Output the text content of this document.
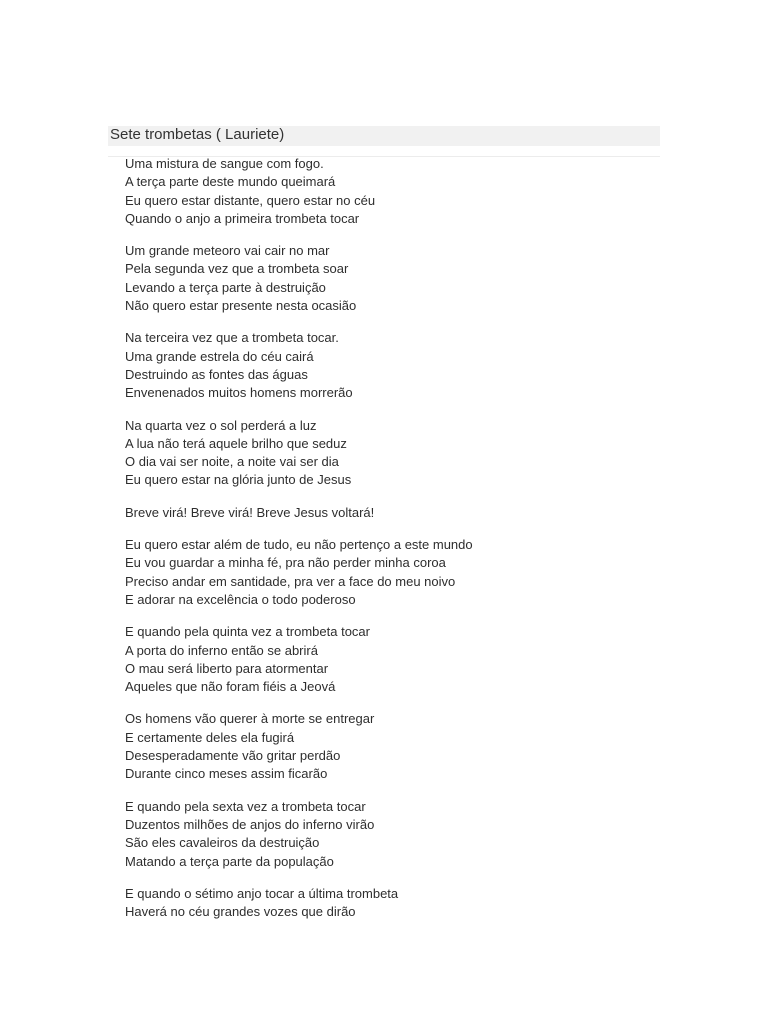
Sete trombetas ( Lauriete)
Uma mistura de sangue com fogo.
A terça parte deste mundo queimará
Eu quero estar distante, quero estar no céu
Quando o anjo a primeira trombeta tocar
Um grande meteoro vai cair no mar
Pela segunda vez que a trombeta soar
Levando a terça parte à destruição
Não quero estar presente nesta ocasião
Na terceira vez que a trombeta tocar.
Uma grande estrela do céu cairá
Destruindo as fontes das águas
Envenenados muitos homens morrerão
Na quarta vez o sol perderá a luz
A lua não terá aquele brilho que seduz
O dia vai ser noite, a noite vai ser dia
Eu quero estar na glória junto de Jesus
Breve virá! Breve virá! Breve Jesus voltará!
Eu quero estar além de tudo, eu não pertenço a este mundo
Eu vou guardar a minha fé, pra não perder minha coroa
Preciso andar em santidade, pra ver a face do meu noivo
E adorar na excelência o todo poderoso
E quando pela quinta vez a trombeta tocar
A porta do inferno então se abrirá
O mau será liberto para atormentar
Aqueles que não foram fiéis a Jeová
Os homens vão querer à morte se entregar
E certamente deles ela fugirá
Desesperadamente vão gritar perdão
Durante cinco meses assim ficarão
E quando pela sexta vez a trombeta tocar
Duzentos milhões de anjos do inferno virão
São eles cavaleiros da destruição
Matando a terça parte da população
E quando o sétimo anjo tocar a última trombeta
Haverá no céu grandes vozes que dirão
